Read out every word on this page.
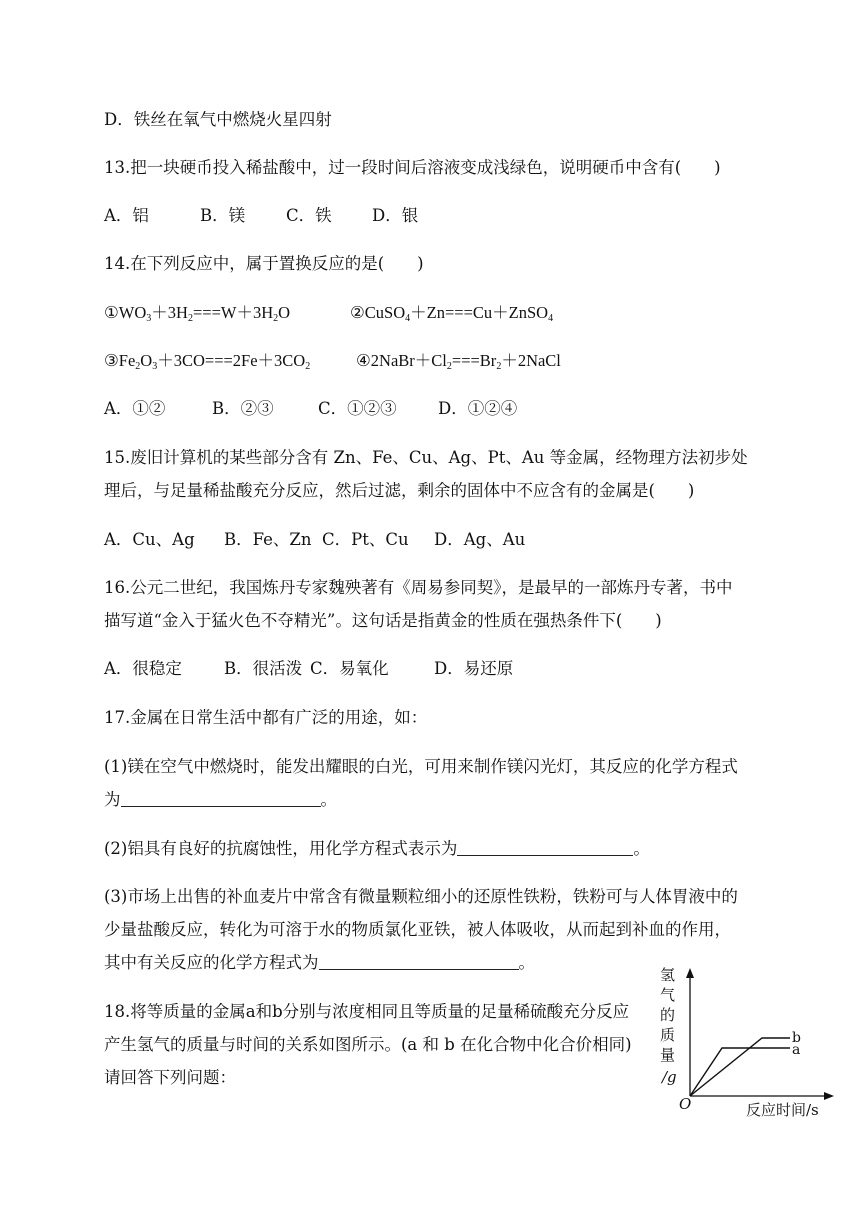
D．铁丝在氧气中燃烧火星四射
13.把一块硬币投入稀盐酸中，过一段时间后溶液变成浅绿色，说明硬币中含有(　　)
A．铝	B．镁 C．铁 D．银
14.在下列反应中，属于置换反应的是(　　)
$①WO_3+3H_2===W+3H_2O$	②CuSO$_4$＋Zn===Cu＋ZnSO$_4$
$③Fe_2O_3+3CO===2Fe+3CO_2$	$④2NaBr+Cl_2===Br_2+2NaCl$
A．①②	B．②③	C．①②③	D．①②④
15.废旧计算机的某些部分含有 Zn、Fe、Cu、Ag、Pt、Au 等金属，经物理方法初步处
理后，与足量稀盐酸充分反应，然后过滤，剩余的固体中不应含有的金属是(　　)
A．Cu、Ag B．Fe、Zn C．Pt、Cu D．Ag、Au
16.公元二世纪，我国炼丹专家魏殃著有《周易参同契》，是最早的一部炼丹专著，书中
描写道“金入于猛火色不夺精光”。这句话是指黄金的性质在强热条件下(　　)
A．很稳定	B．很活泼 C．易氧化	D．易还原
17.金属在日常生活中都有广泛的用途，如：
(1)镁在空气中燃烧时，能发出耀眼的白光，可用来制作镁闪光灯，其反应的化学方程式
为	。
(2)铝具有良好的抗腐蚀性，用化学方程式表示为	。
(3)市场上出售的补血麦片中常含有微量颗粒细小的还原性铁粉，铁粉可与人体胃液中的
少量盐酸反应，转化为可溶于水的物质氯化亚铁，被人体吸收，从而起到补血的作用，
其中有关反应的化学方程式为	。
18.将等质量的金属a和b分别与浓度相同且等质量的足量稀硫酸充分反应
产生氢气的质量与时间的关系如图所示。(a 和 b 在化合物中化合价相同)
请回答下列问题：
氢
气
的
质
量
/g
O	反应时间/s
b
a
